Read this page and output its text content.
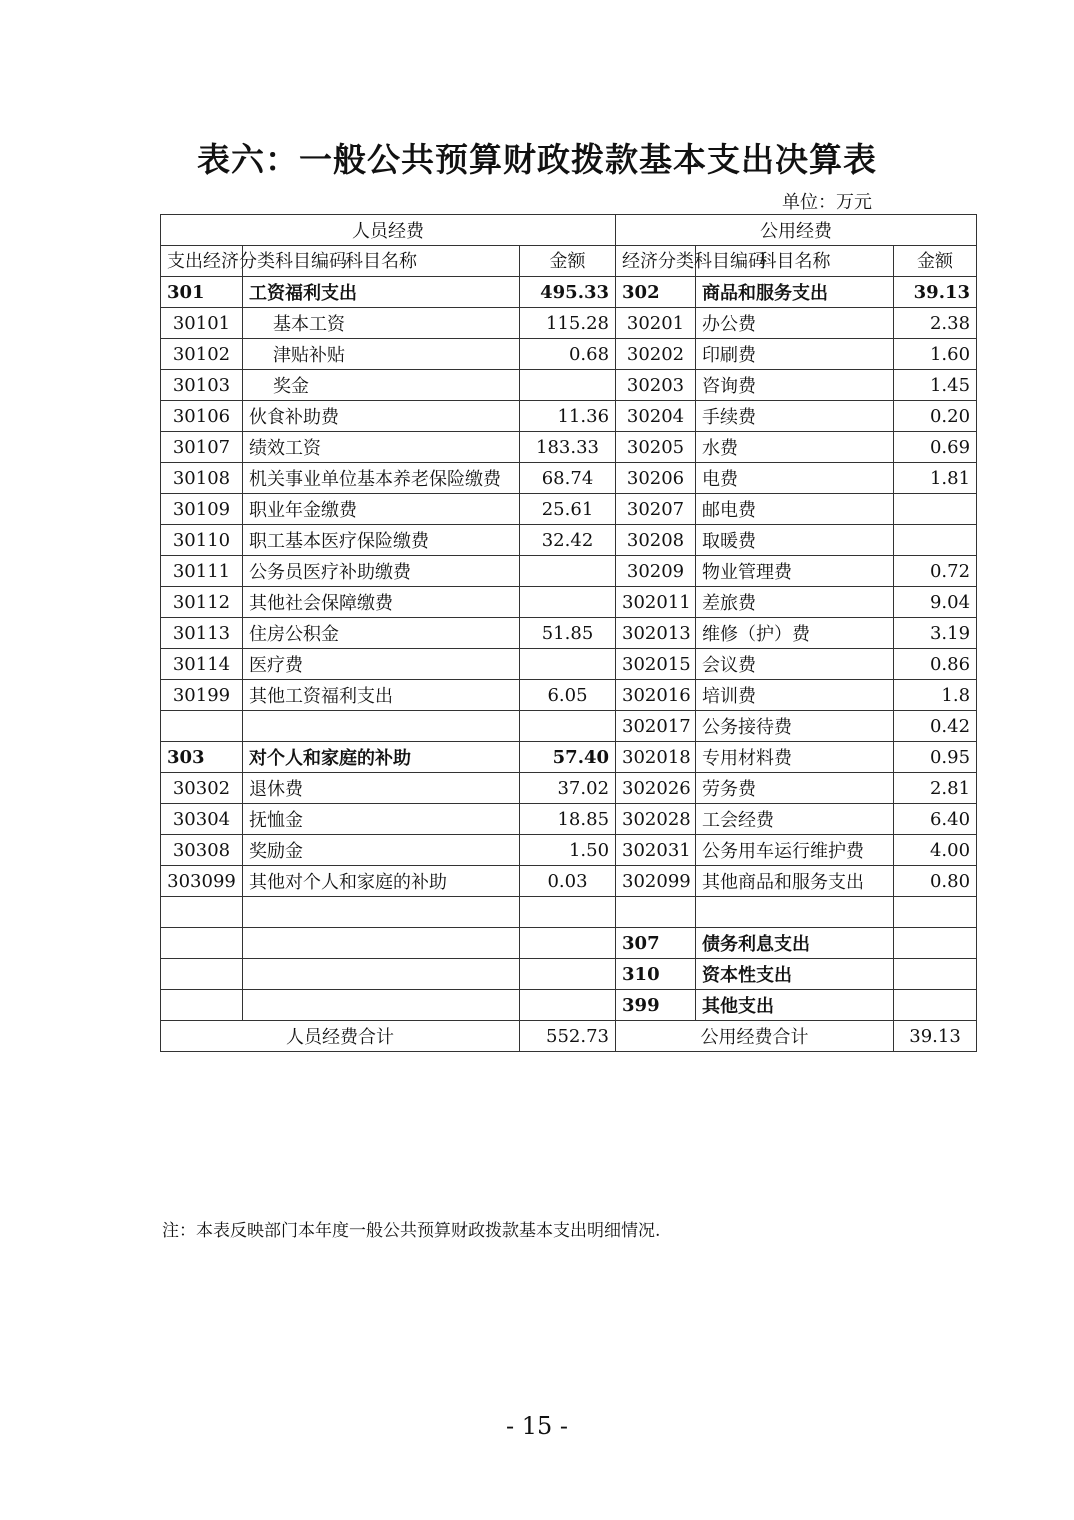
表六：一般公共预算财政拨款基本支出决算表
单位：万元
人员经费			公用经费		
支出经济分类科目编码	科目名称	金额	经济分类科目编码	科目名称	金额
301	工资福利支出	495.33	302	商品和服务支出	39.13
30101	基本工资	115.28	30201	办公费	2.38
30102	津贴补贴	0.68	30202	印刷费	1.60
30103	奖金		30203	咨询费	1.45
30106	伙食补助费	11.36	30204	手续费	0.20
30107	绩效工资	183.33	30205	水费	0.69
30108	机关事业单位基本养老保险缴费	68.74	30206	电费	1.81
30109	职业年金缴费	25.61	30207	邮电费	
30110	职工基本医疗保险缴费	32.42	30208	取暖费	
30111	公务员医疗补助缴费		30209	物业管理费	0.72
30112	其他社会保障缴费		302011	差旅费	9.04
30113	住房公积金	51.85	302013	维修（护）费	3.19
30114	医疗费		302015	会议费	0.86
30199	其他工资福利支出	6.05	302016	培训费	1.8
			302017	公务接待费	0.42
303	对个人和家庭的补助	57.40	302018	专用材料费	0.95
30302	退休费	37.02	302026	劳务费	2.81
30304	抚恤金	18.85	302028	工会经费	6.40
30308	奖励金	1.50	302031	公务用车运行维护费	4.00
303099	其他对个人和家庭的补助	0.03	302099	其他商品和服务支出	0.80

			307	债务利息支出	
			310	资本性支出	
			399	其他支出	
人员经费合计		552.73	公用经费合计		39.13
注：本表反映部门本年度一般公共预算财政拨款基本支出明细情况.
- 15 -
